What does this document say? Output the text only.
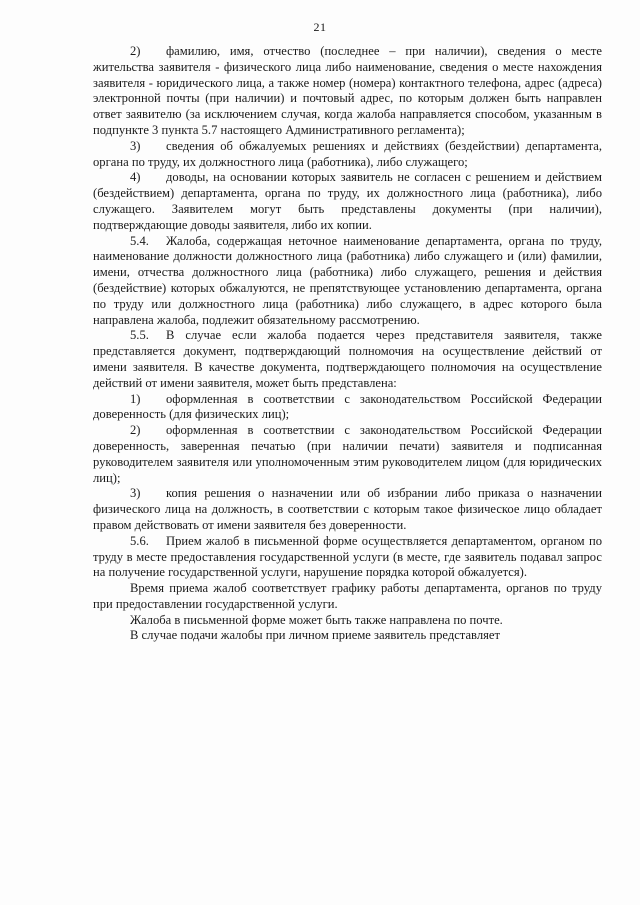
21

2) фамилию, имя, отчество (последнее – при наличии), сведения о месте жительства заявителя - физического лица либо наименование, сведения о месте нахождения заявителя - юридического лица, а также номер (номера) контактного телефона, адрес (адреса) электронной почты (при наличии) и почтовый адрес, по которым должен быть направлен ответ заявителю (за исключением случая, когда жалоба направляется способом, указанным в подпункте 3 пункта 5.7 настоящего Административного регламента);

3) сведения об обжалуемых решениях и действиях (бездействии) департамента, органа по труду, их должностного лица (работника), либо служащего;

4) доводы, на основании которых заявитель не согласен с решением и действием (бездействием) департамента, органа по труду, их должностного лица (работника), либо служащего. Заявителем могут быть представлены документы (при наличии), подтверждающие доводы заявителя, либо их копии.

5.4. Жалоба, содержащая неточное наименование департамента, органа по труду, наименование должности должностного лица (работника) либо служащего и (или) фамилии, имени, отчества должностного лица (работника) либо служащего, решения и действия (бездействие) которых обжалуются, не препятствующее установлению департамента, органа по труду или должностного лица (работника) либо служащего, в адрес которого была направлена жалоба, подлежит обязательному рассмотрению.

5.5. В случае если жалоба подается через представителя заявителя, также представляется документ, подтверждающий полномочия на осуществление действий от имени заявителя. В качестве документа, подтверждающего полномочия на осуществление действий от имени заявителя, может быть представлена:

1) оформленная в соответствии с законодательством Российской Федерации доверенность (для физических лиц);

2) оформленная в соответствии с законодательством Российской Федерации доверенность, заверенная печатью (при наличии печати) заявителя и подписанная руководителем заявителя или уполномоченным этим руководителем лицом (для юридических лиц);

3) копия решения о назначении или об избрании либо приказа о назначении физического лица на должность, в соответствии с которым такое физическое лицо обладает правом действовать от имени заявителя без доверенности.

5.6. Прием жалоб в письменной форме осуществляется департаментом, органом по труду в месте предоставления государственной услуги (в месте, где заявитель подавал запрос на получение государственной услуги, нарушение порядка которой обжалуется).

Время приема жалоб соответствует графику работы департамента, органов по труду при предоставлении государственной услуги.

Жалоба в письменной форме может быть также направлена по почте.

В случае подачи жалобы при личном приеме заявитель представляет
